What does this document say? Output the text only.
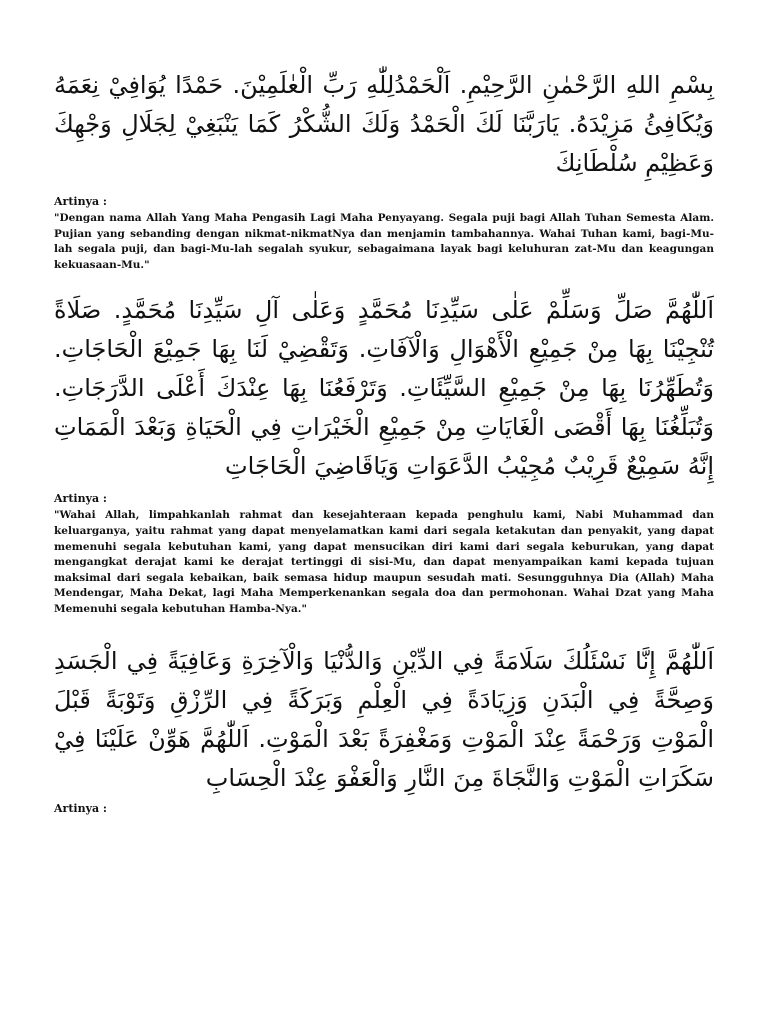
بِسْمِ اللهِ الرَّحْمٰنِ الرَّحِيْمِ. اَلْحَمْدُلِلّٰهِ رَبِّ الْعٰلَمِيْنَ. حَمْدًا يُوَافِيْ نِعَمَهُ وَيُكَافِئُ مَزِيْدَهُ. يَارَبَّنَا لَكَ الْحَمْدُ وَلَكَ الشُّكْرُ كَمَا يَنْبَغِيْ لِجَلَالِ وَجْهِكَ وَعَظِيْمِ سُلْطَانِكَ

Artinya :

"Dengan nama Allah Yang Maha Pengasih Lagi Maha Penyayang. Segala puji bagi Allah Tuhan Semesta Alam. Pujian yang sebanding dengan nikmat-nikmatNya dan menjamin tambahannya. Wahai Tuhan kami, bagi-Mu-lah segala puji, dan bagi-Mu-lah segalah syukur, sebagaimana layak bagi keluhuran zat-Mu dan keagungan kekuasaan-Mu."

اَللّٰهُمَّ صَلِّ وَسَلِّمْ عَلٰى سَيِّدِنَا مُحَمَّدٍ وَعَلٰى آلِ سَيِّدِنَا مُحَمَّدٍ. صَلَاةً تُنْجِيْنَا بِهَا مِنْ جَمِيْعِ الْأَهْوَالِ وَالْآفَاتِ. وَتَقْضِيْ لَنَا بِهَا جَمِيْعَ الْحَاجَاتِ. وَتُطَهِّرُنَا بِهَا مِنْ جَمِيْعِ السَّيِّئَاتِ. وَتَرْفَعُنَا بِهَا عِنْدَكَ أَعْلَى الدَّرَجَاتِ. وَتُبَلِّغُنَا بِهَا أَقْصَى الْغَايَاتِ مِنْ جَمِيْعِ الْخَيْرَاتِ فِي الْحَيَاةِ وَبَعْدَ الْمَمَاتِ إِنَّهُ سَمِيْعٌ قَرِيْبٌ مُجِيْبُ الدَّعَوَاتِ وَيَاقَاضِيَ الْحَاجَاتِ

Artinya :

"Wahai Allah, limpahkanlah rahmat dan kesejahteraan kepada penghulu kami, Nabi Muhammad dan keluarganya, yaitu rahmat yang dapat menyelamatkan kami dari segala ketakutan dan penyakit, yang dapat memenuhi segala kebutuhan kami, yang dapat mensucikan diri kami dari segala keburukan, yang dapat mengangkat derajat kami ke derajat tertinggi di sisi-Mu, dan dapat menyampaikan kami kepada tujuan maksimal dari segala kebaikan, baik semasa hidup maupun sesudah mati. Sesungguhnya Dia (Allah) Maha Mendengar, Maha Dekat, lagi Maha Memperkenankan segala doa dan permohonan. Wahai Dzat yang Maha Memenuhi segala kebutuhan Hamba-Nya."

اَللّٰهُمَّ إِنَّا نَسْئَلُكَ سَلَامَةً فِي الدِّيْنِ وَالدُّنْيَا وَالْآخِرَةِ وَعَافِيَةً فِي الْجَسَدِ وَصِحَّةً فِي الْبَدَنِ وَزِيَادَةً فِي الْعِلْمِ وَبَرَكَةً فِي الرِّزْقِ وَتَوْبَةً قَبْلَ الْمَوْتِ وَرَحْمَةً عِنْدَ الْمَوْتِ وَمَغْفِرَةً بَعْدَ الْمَوْتِ. اَللّٰهُمَّ هَوِّنْ عَلَيْنَا فِيْ سَكَرَاتِ الْمَوْتِ وَالنَّجَاةَ مِنَ النَّارِ وَالْعَفْوَ عِنْدَ الْحِسَابِ

Artinya :
